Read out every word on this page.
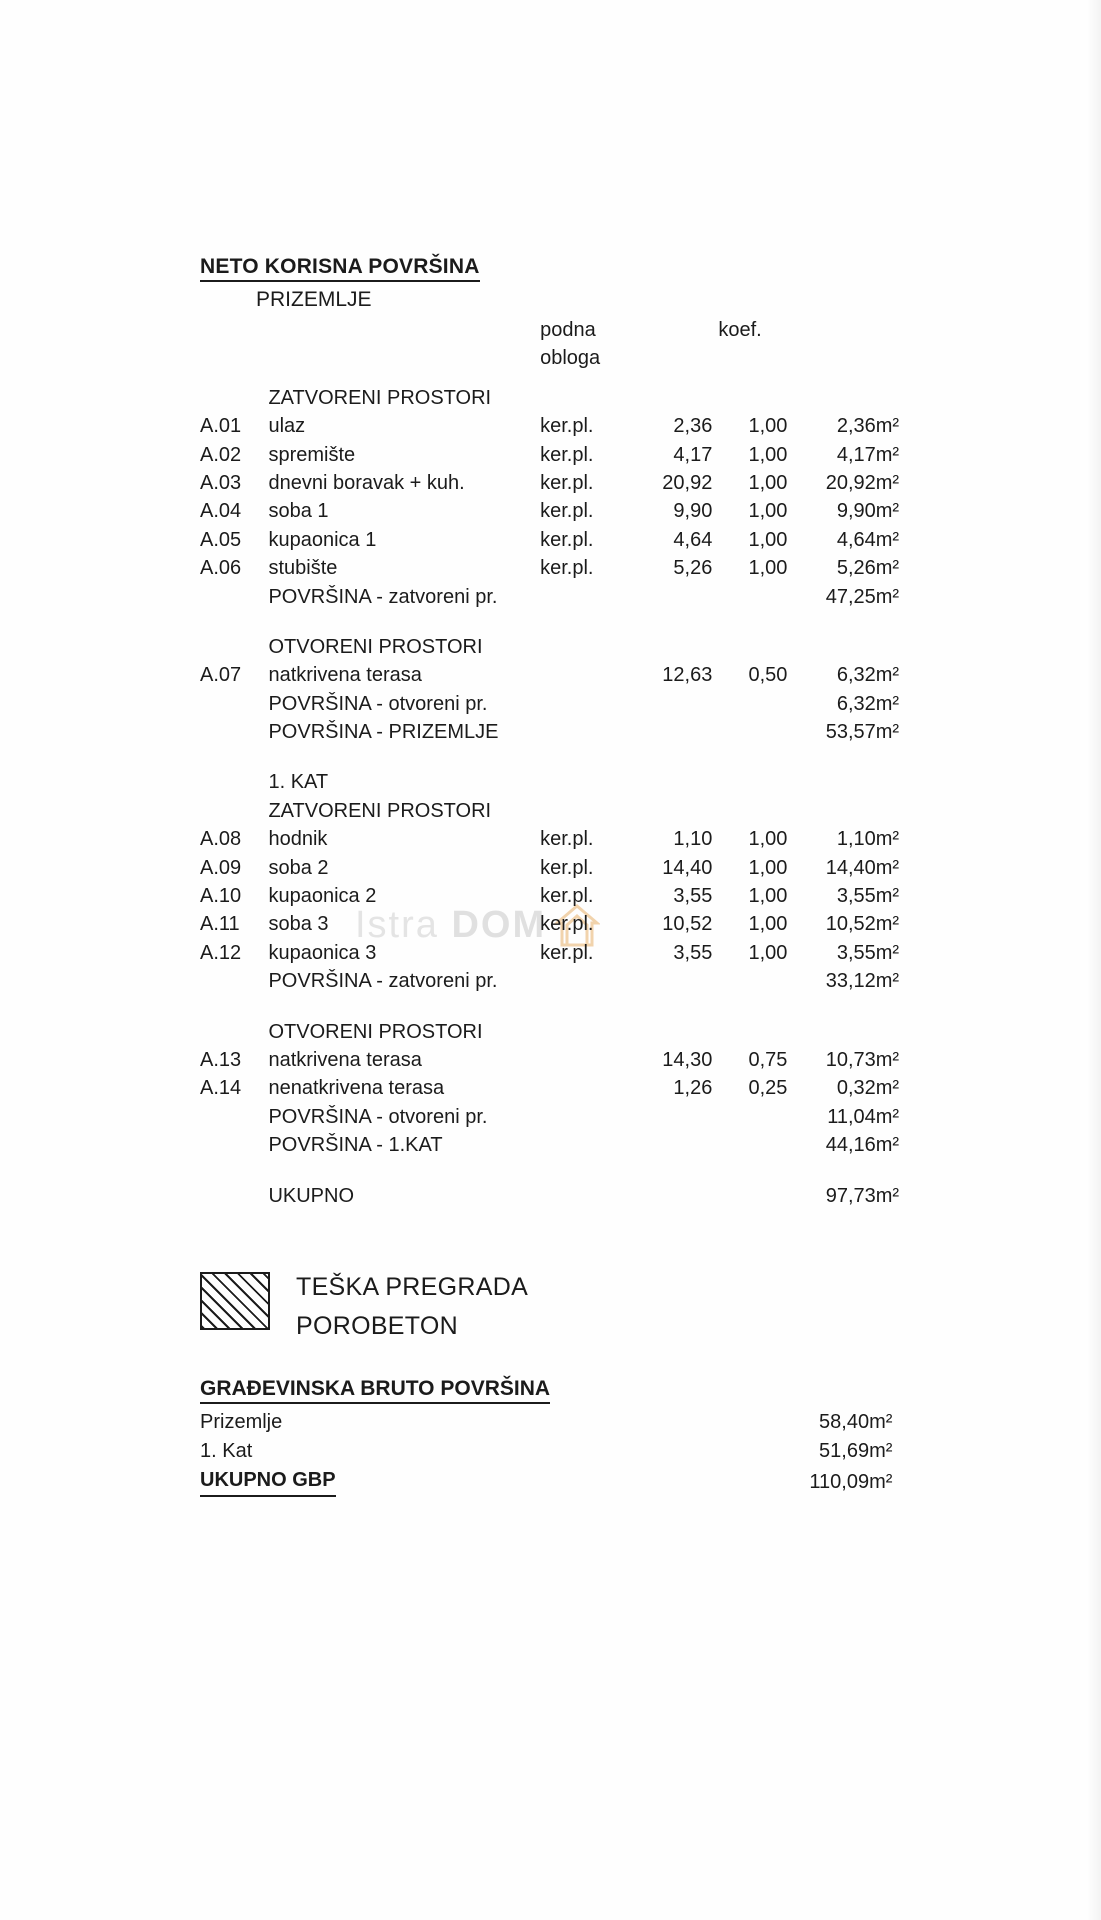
Istra DOM
NETO KORISNA POVRŠINA
PRIZEMLJE
		podna		koef.		
		obloga				

	ZATVORENI PROSTORI					
A.01	ulaz	ker.pl.	2,36	1,00	2,36	m²
A.02	spremište	ker.pl.	4,17	1,00	4,17	m²
A.03	dnevni boravak + kuh.	ker.pl.	20,92	1,00	20,92	m²
A.04	soba 1	ker.pl.	9,90	1,00	9,90	m²
A.05	kupaonica 1	ker.pl.	4,64	1,00	4,64	m²
A.06	stubište	ker.pl.	5,26	1,00	5,26	m²
	POVRŠINA - zatvoreni pr.				47,25	m²

	OTVORENI PROSTORI					
A.07	natkrivena terasa		12,63	0,50	6,32	m²
	POVRŠINA - otvoreni pr.				6,32	m²
	POVRŠINA - PRIZEMLJE				53,57	m²

	1. KAT					
	ZATVORENI PROSTORI					
A.08	hodnik	ker.pl.	1,10	1,00	1,10	m²
A.09	soba 2	ker.pl.	14,40	1,00	14,40	m²
A.10	kupaonica 2	ker.pl.	3,55	1,00	3,55	m²
A.11	soba 3	ker.pl.	10,52	1,00	10,52	m²
A.12	kupaonica 3	ker.pl.	3,55	1,00	3,55	m²
	POVRŠINA - zatvoreni pr.				33,12	m²

	OTVORENI PROSTORI					
A.13	natkrivena terasa		14,30	0,75	10,73	m²
A.14	nenatkrivena terasa		1,26	0,25	0,32	m²
	POVRŠINA - otvoreni pr.				11,04	m²
	POVRŠINA - 1.KAT				44,16	m²

	UKUPNO				97,73	m²
TEŠKA PREGRADA
POROBETON
GRAĐEVINSKA BRUTO POVRŠINA
Prizemlje	58,40	m²
1. Kat	51,69	m²
UKUPNO GBP	110,09	m²
